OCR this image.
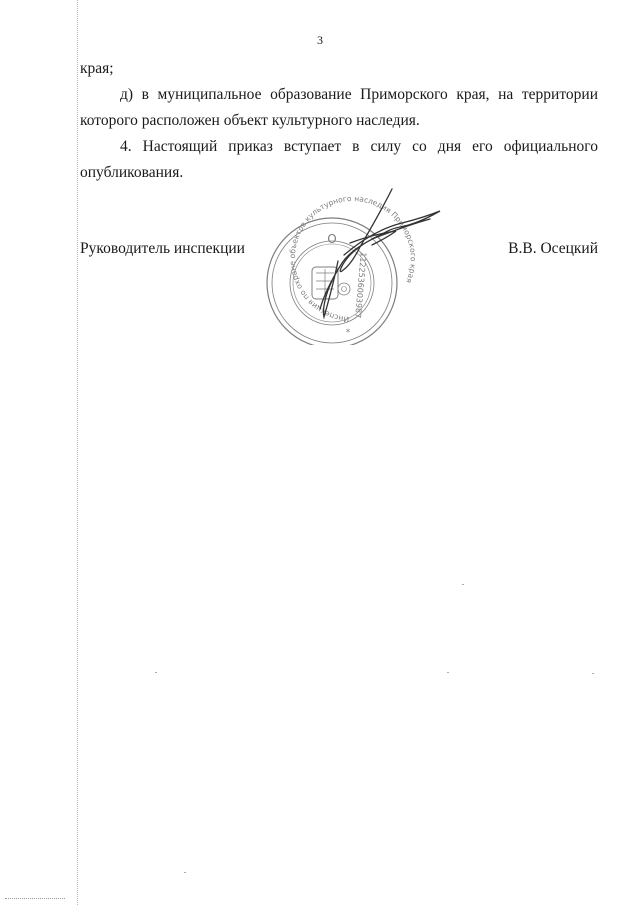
3
края;
д) в муниципальное образование Приморского края, на территории которого расположен объект культурного наследия.
4. Настоящий приказ вступает в силу со дня его официального опубликования.
Руководитель инспекции	В.В. Осецкий
Инспекция по охране объектов культурного наследия Приморского края
1122536003987
О
*
